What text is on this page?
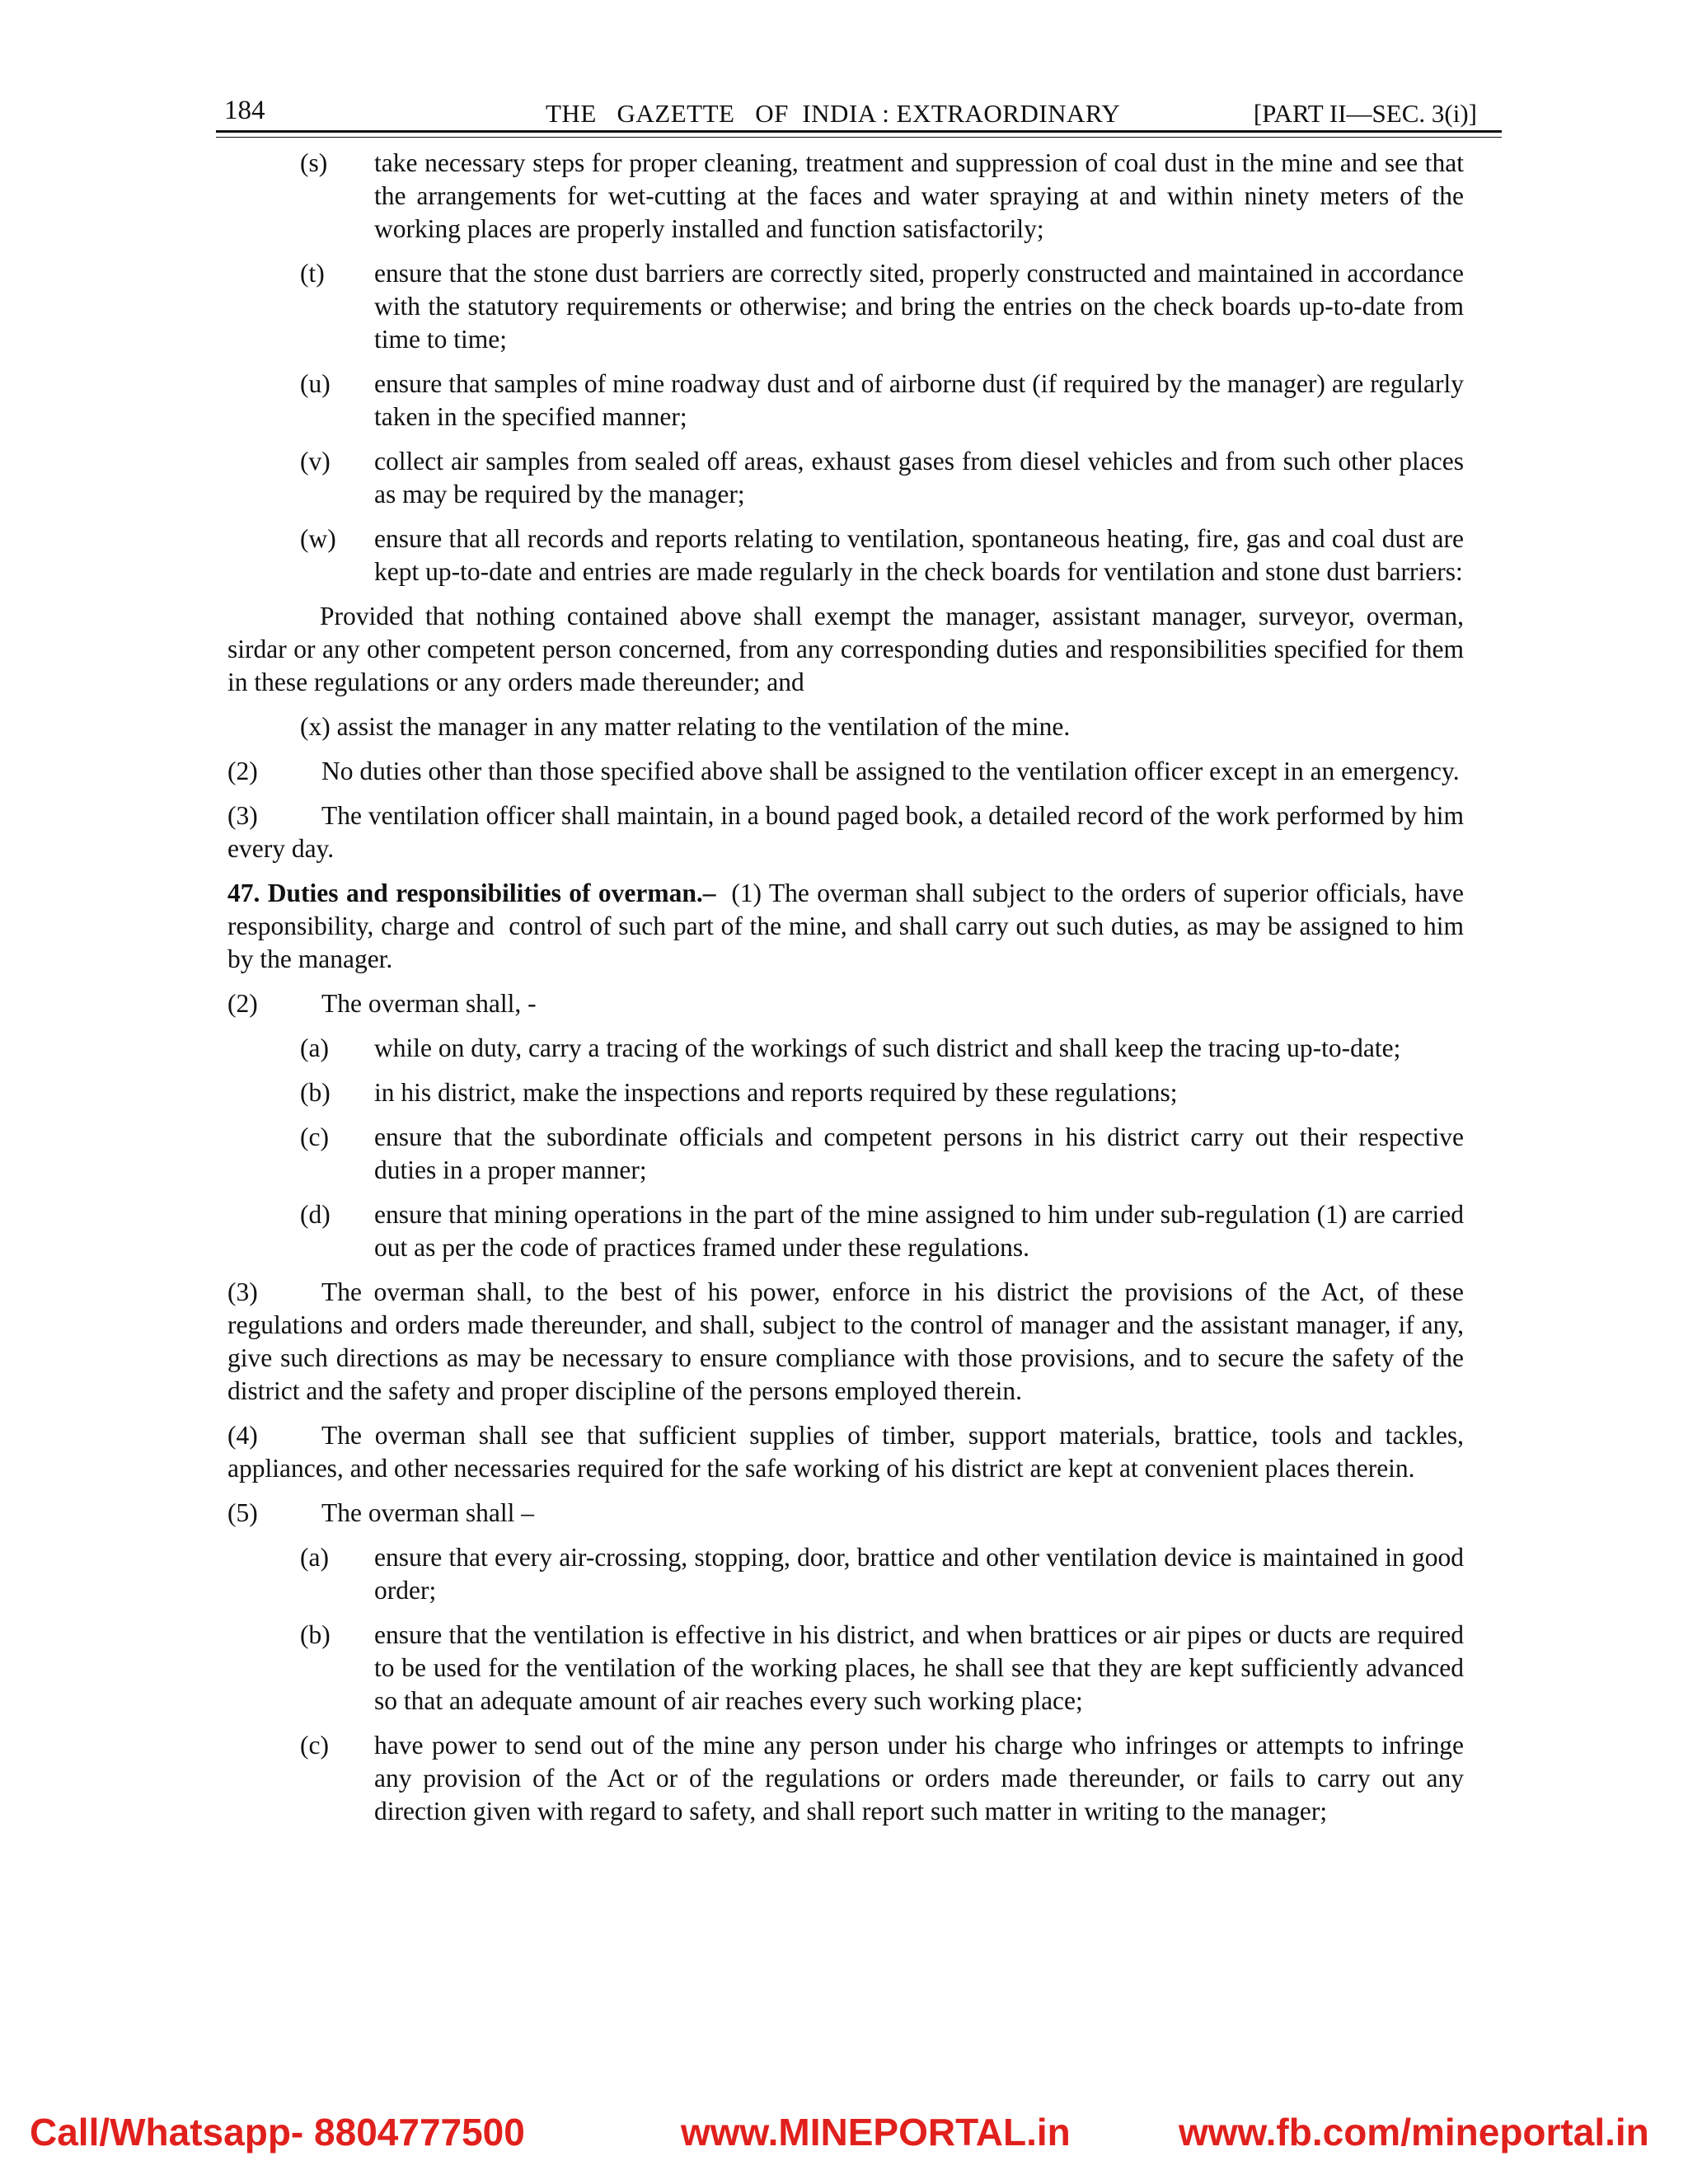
184	THE   GAZETTE   OF  INDIA : EXTRAORDINARY	[PART II—SEC. 3(i)]
(s) take necessary steps for proper cleaning, treatment and suppression of coal dust in the mine and see that the arrangements for wet-cutting at the faces and water spraying at and within ninety meters of the working places are properly installed and function satisfactorily;
(t) ensure that the stone dust barriers are correctly sited, properly constructed and maintained in accordance with the statutory requirements or otherwise; and bring the entries on the check boards up-to-date from time to time;
(u) ensure that samples of mine roadway dust and of airborne dust (if required by the manager) are regularly taken in the specified manner;
(v) collect air samples from sealed off areas, exhaust gases from diesel vehicles and from such other places as may be required by the manager;
(w) ensure that all records and reports relating to ventilation, spontaneous heating, fire, gas and coal dust are kept up-to-date and entries are made regularly in the check boards for ventilation and stone dust barriers:

Provided that nothing contained above shall exempt the manager, assistant manager, surveyor, overman, sirdar or any other competent person concerned, from any corresponding duties and responsibilities specified for them in these regulations or any orders made thereunder; and

(x) assist the manager in any matter relating to the ventilation of the mine.

(2) No duties other than those specified above shall be assigned to the ventilation officer except in an emergency.

(3) The ventilation officer shall maintain, in a bound paged book, a detailed record of the work performed by him every day.

47. Duties and responsibilities of overman.–  (1) The overman shall subject to the orders of superior officials, have responsibility, charge and  control of such part of the mine, and shall carry out such duties, as may be assigned to him by the manager.

(2) The overman shall, -

(a) while on duty, carry a tracing of the workings of such district and shall keep the tracing up-to-date;
(b) in his district, make the inspections and reports required by these regulations;
(c) ensure that the subordinate officials and competent persons in his district carry out their respective duties in a proper manner;
(d) ensure that mining operations in the part of the mine assigned to him under sub-regulation (1) are carried out as per the code of practices framed under these regulations.

(3) The overman shall, to the best of his power, enforce in his district the provisions of the Act, of these regulations and orders made thereunder, and shall, subject to the control of manager and the assistant manager, if any, give such directions as may be necessary to ensure compliance with those provisions, and to secure the safety of the district and the safety and proper discipline of the persons employed therein.

(4) The overman shall see that sufficient supplies of timber, support materials, brattice, tools and tackles, appliances, and other necessaries required for the safe working of his district are kept at convenient places therein.

(5) The overman shall –

(a) ensure that every air-crossing, stopping, door, brattice and other ventilation device is maintained in good order;
(b) ensure that the ventilation is effective in his district, and when brattices or air pipes or ducts are required to be used for the ventilation of the working places, he shall see that they are kept sufficiently advanced so that an adequate amount of air reaches every such working place;
(c) have power to send out of the mine any person under his charge who infringes or attempts to infringe any provision of the Act or of the regulations or orders made thereunder, or fails to carry out any direction given with regard to safety, and shall report such matter in writing to the manager;
Call/Whatsapp- 8804777500	www.MINEPORTAL.in	www.fb.com/mineportal.in
